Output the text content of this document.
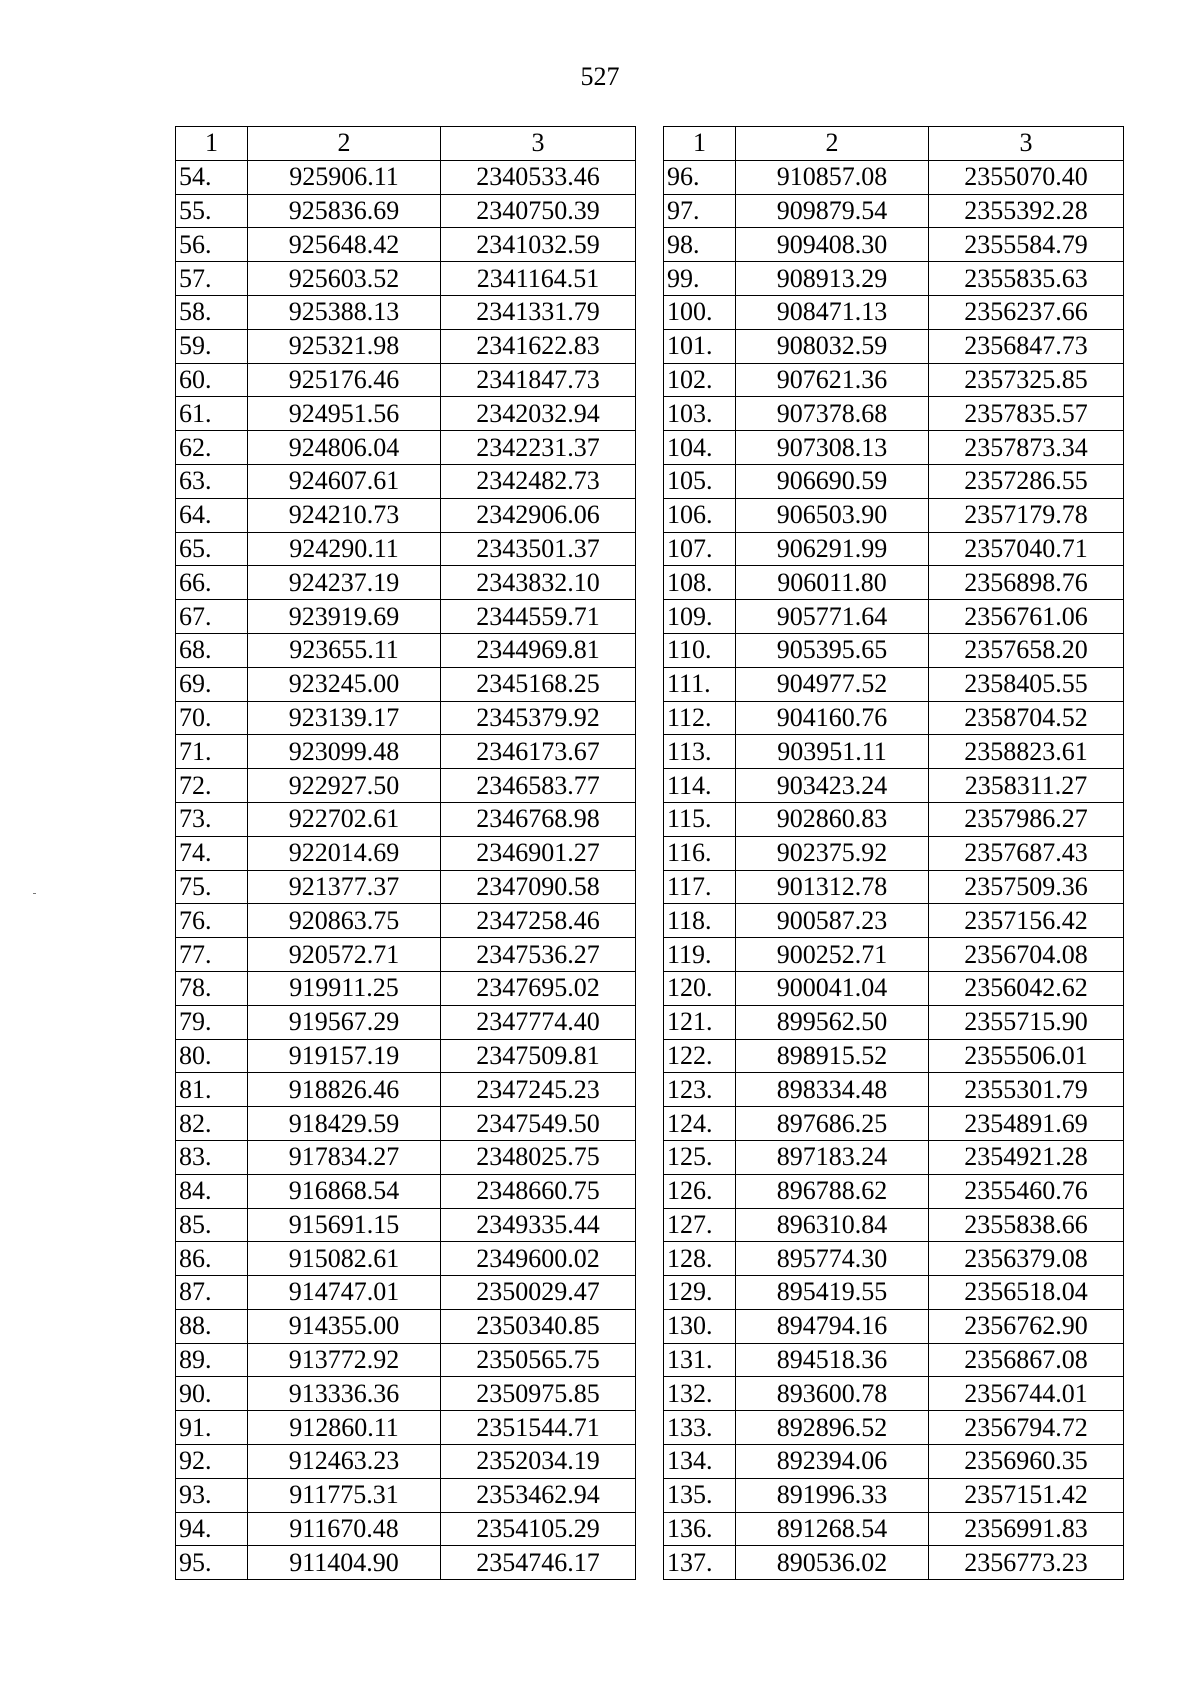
527
1	2	3
54.	925906.11	2340533.46
55.	925836.69	2340750.39
56.	925648.42	2341032.59
57.	925603.52	2341164.51
58.	925388.13	2341331.79
59.	925321.98	2341622.83
60.	925176.46	2341847.73
61.	924951.56	2342032.94
62.	924806.04	2342231.37
63.	924607.61	2342482.73
64.	924210.73	2342906.06
65.	924290.11	2343501.37
66.	924237.19	2343832.10
67.	923919.69	2344559.71
68.	923655.11	2344969.81
69.	923245.00	2345168.25
70.	923139.17	2345379.92
71.	923099.48	2346173.67
72.	922927.50	2346583.77
73.	922702.61	2346768.98
74.	922014.69	2346901.27
75.	921377.37	2347090.58
76.	920863.75	2347258.46
77.	920572.71	2347536.27
78.	919911.25	2347695.02
79.	919567.29	2347774.40
80.	919157.19	2347509.81
81.	918826.46	2347245.23
82.	918429.59	2347549.50
83.	917834.27	2348025.75
84.	916868.54	2348660.75
85.	915691.15	2349335.44
86.	915082.61	2349600.02
87.	914747.01	2350029.47
88.	914355.00	2350340.85
89.	913772.92	2350565.75
90.	913336.36	2350975.85
91.	912860.11	2351544.71
92.	912463.23	2352034.19
93.	911775.31	2353462.94
94.	911670.48	2354105.29
95.	911404.90	2354746.17
1	2	3
96.	910857.08	2355070.40
97.	909879.54	2355392.28
98.	909408.30	2355584.79
99.	908913.29	2355835.63
100.	908471.13	2356237.66
101.	908032.59	2356847.73
102.	907621.36	2357325.85
103.	907378.68	2357835.57
104.	907308.13	2357873.34
105.	906690.59	2357286.55
106.	906503.90	2357179.78
107.	906291.99	2357040.71
108.	906011.80	2356898.76
109.	905771.64	2356761.06
110.	905395.65	2357658.20
111.	904977.52	2358405.55
112.	904160.76	2358704.52
113.	903951.11	2358823.61
114.	903423.24	2358311.27
115.	902860.83	2357986.27
116.	902375.92	2357687.43
117.	901312.78	2357509.36
118.	900587.23	2357156.42
119.	900252.71	2356704.08
120.	900041.04	2356042.62
121.	899562.50	2355715.90
122.	898915.52	2355506.01
123.	898334.48	2355301.79
124.	897686.25	2354891.69
125.	897183.24	2354921.28
126.	896788.62	2355460.76
127.	896310.84	2355838.66
128.	895774.30	2356379.08
129.	895419.55	2356518.04
130.	894794.16	2356762.90
131.	894518.36	2356867.08
132.	893600.78	2356744.01
133.	892896.52	2356794.72
134.	892394.06	2356960.35
135.	891996.33	2357151.42
136.	891268.54	2356991.83
137.	890536.02	2356773.23
